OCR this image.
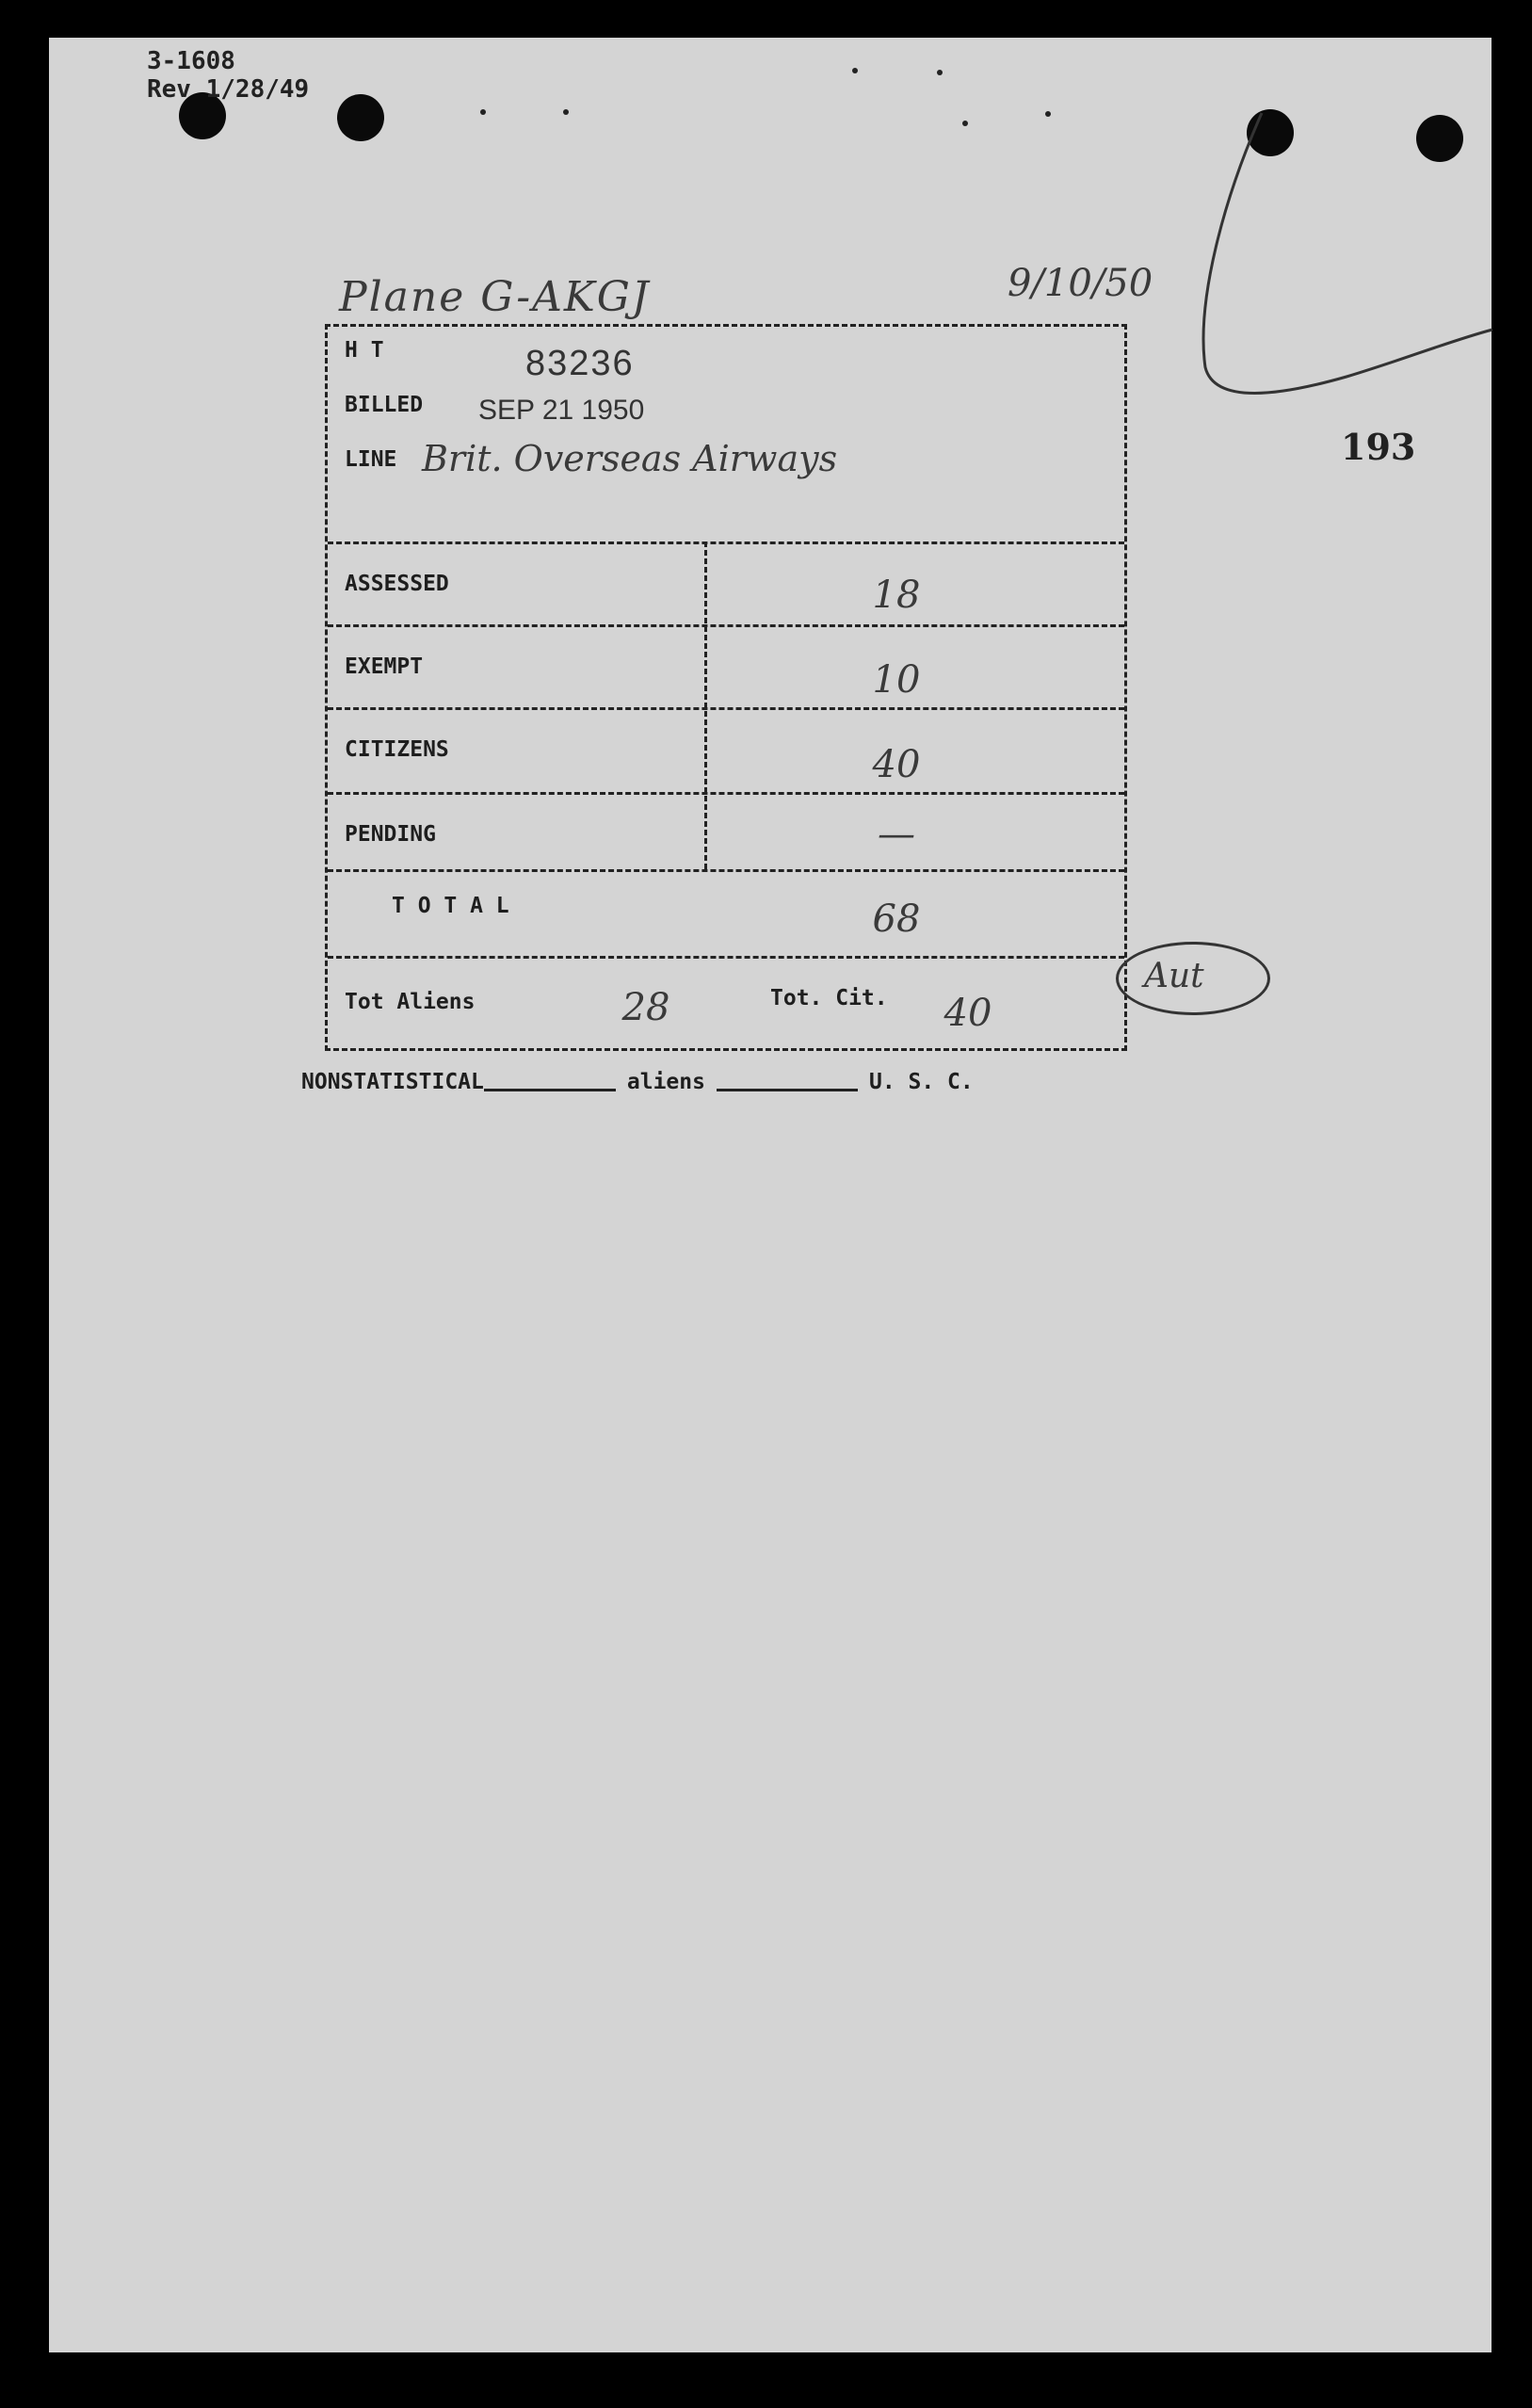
3-1608
Rev 1/28/49
Plane G-AKGJ	9/10/50
193
H T	83236
BILLED SEP 21 1950
LINE Brit. Overseas Airways
ASSESSED	18
EXEMPT	10
CITIZENS	40
PENDING	—
T O T A L	68
Tot Aliens	28	Tot. Cit.	40
Aut
NONSTATISTICAL	aliens	U. S. C.
